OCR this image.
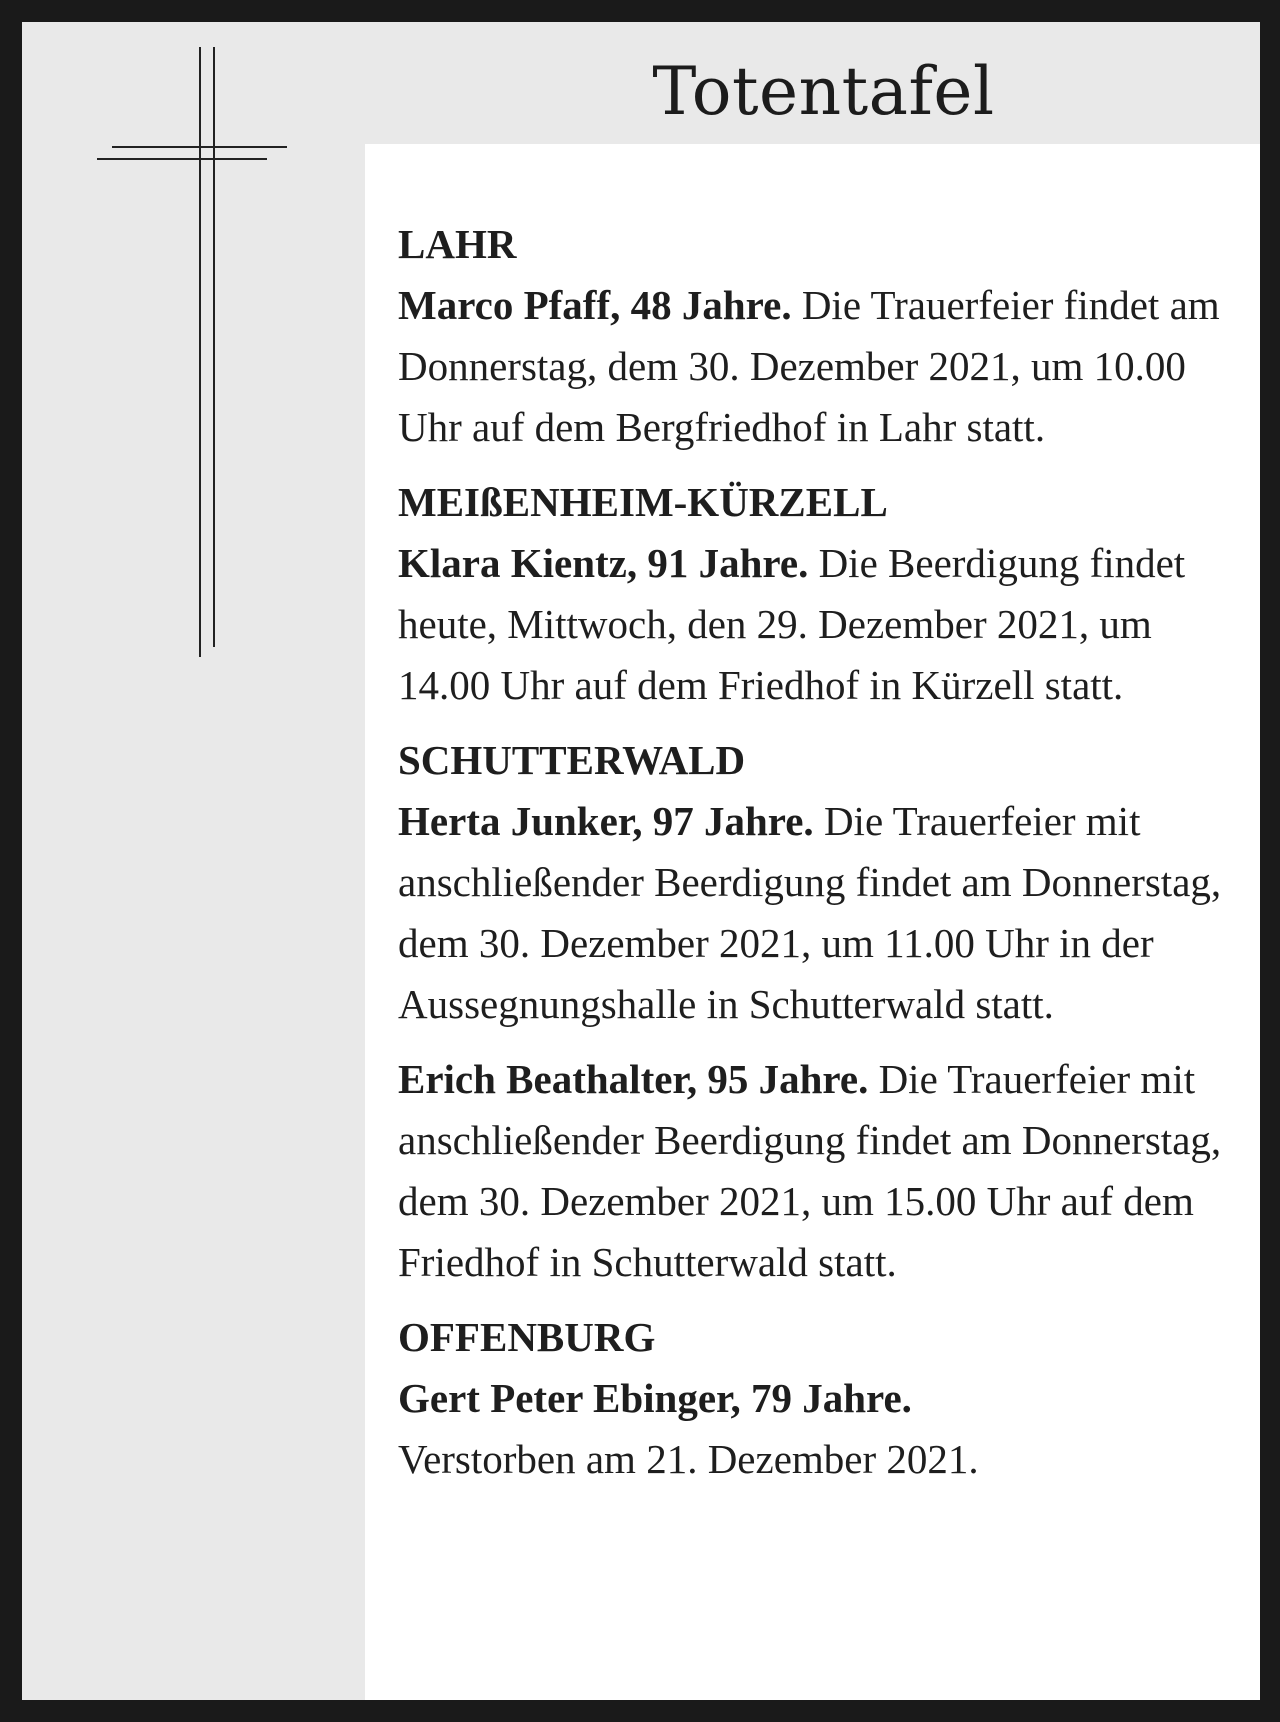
Totentafel

LAHR

Marco Pfaff, 48 Jahre. Die Trauerfeier findet am Donnerstag, dem 30. Dezember 2021, um 10.00 Uhr auf dem Bergfriedhof in Lahr statt.

MEIßENHEIM-KÜRZELL

Klara Kientz, 91 Jahre. Die Beerdigung findet heute, Mittwoch, den 29. Dezember 2021, um 14.00 Uhr auf dem Friedhof in Kürzell statt.

SCHUTTERWALD

Herta Junker, 97 Jahre. Die Trauerfeier mit anschließender Beerdigung findet am Donnerstag, dem 30. Dezember 2021, um 11.00 Uhr in der Aussegnungshalle in Schutterwald statt.

Erich Beathalter, 95 Jahre. Die Trauerfeier mit anschließender Beerdigung findet am Donnerstag, dem 30. Dezember 2021, um 15.00 Uhr auf dem Friedhof in Schutterwald statt.

OFFENBURG

Gert Peter Ebinger, 79 Jahre.
Verstorben am 21. Dezember 2021.
